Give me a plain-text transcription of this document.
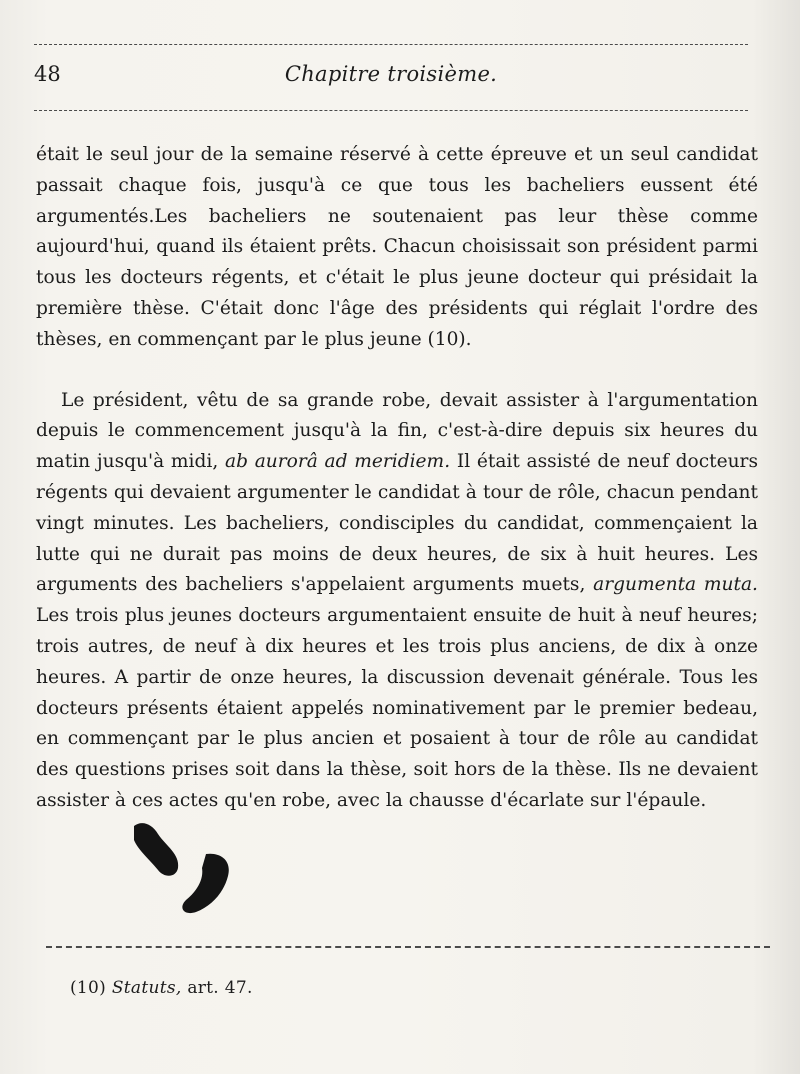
48	Chapitre troisième.

était le seul jour de la semaine réservé à cette épreuve et un seul candidat passait chaque fois, jusqu'à ce que tous les bacheliers eussent été argumentés.Les bacheliers ne soutenaient pas leur thèse comme aujourd'hui, quand ils étaient prêts. Chacun choisissait son président parmi tous les docteurs régents, et c'était le plus jeune docteur qui présidait la première thèse. C'était donc l'âge des présidents qui réglait l'ordre des thèses, en commençant par le plus jeune (10).

Le président, vêtu de sa grande robe, devait assister à l'argumentation depuis le commencement jusqu'à la fin, c'est-à-dire depuis six heures du matin jusqu'à midi, ab aurorâ ad meridiem. Il était assisté de neuf docteurs régents qui devaient argumenter le candidat à tour de rôle, chacun pendant vingt minutes. Les bacheliers, condisciples du candidat, commençaient la lutte qui ne durait pas moins de deux heures, de six à huit heures. Les arguments des bacheliers s'appelaient arguments muets, argumenta muta. Les trois plus jeunes docteurs argumentaient ensuite de huit à neuf heures; trois autres, de neuf à dix heures et les trois plus anciens, de dix à onze heures. A partir de onze heures, la discussion devenait générale. Tous les docteurs présents étaient appelés nominativement par le premier bedeau, en commençant par le plus ancien et posaient à tour de rôle au candidat des questions prises soit dans la thèse, soit hors de la thèse. Ils ne devaient assister à ces actes qu'en robe, avec la chausse d'écarlate sur l'épaule.

(10) Statuts, art. 47.
